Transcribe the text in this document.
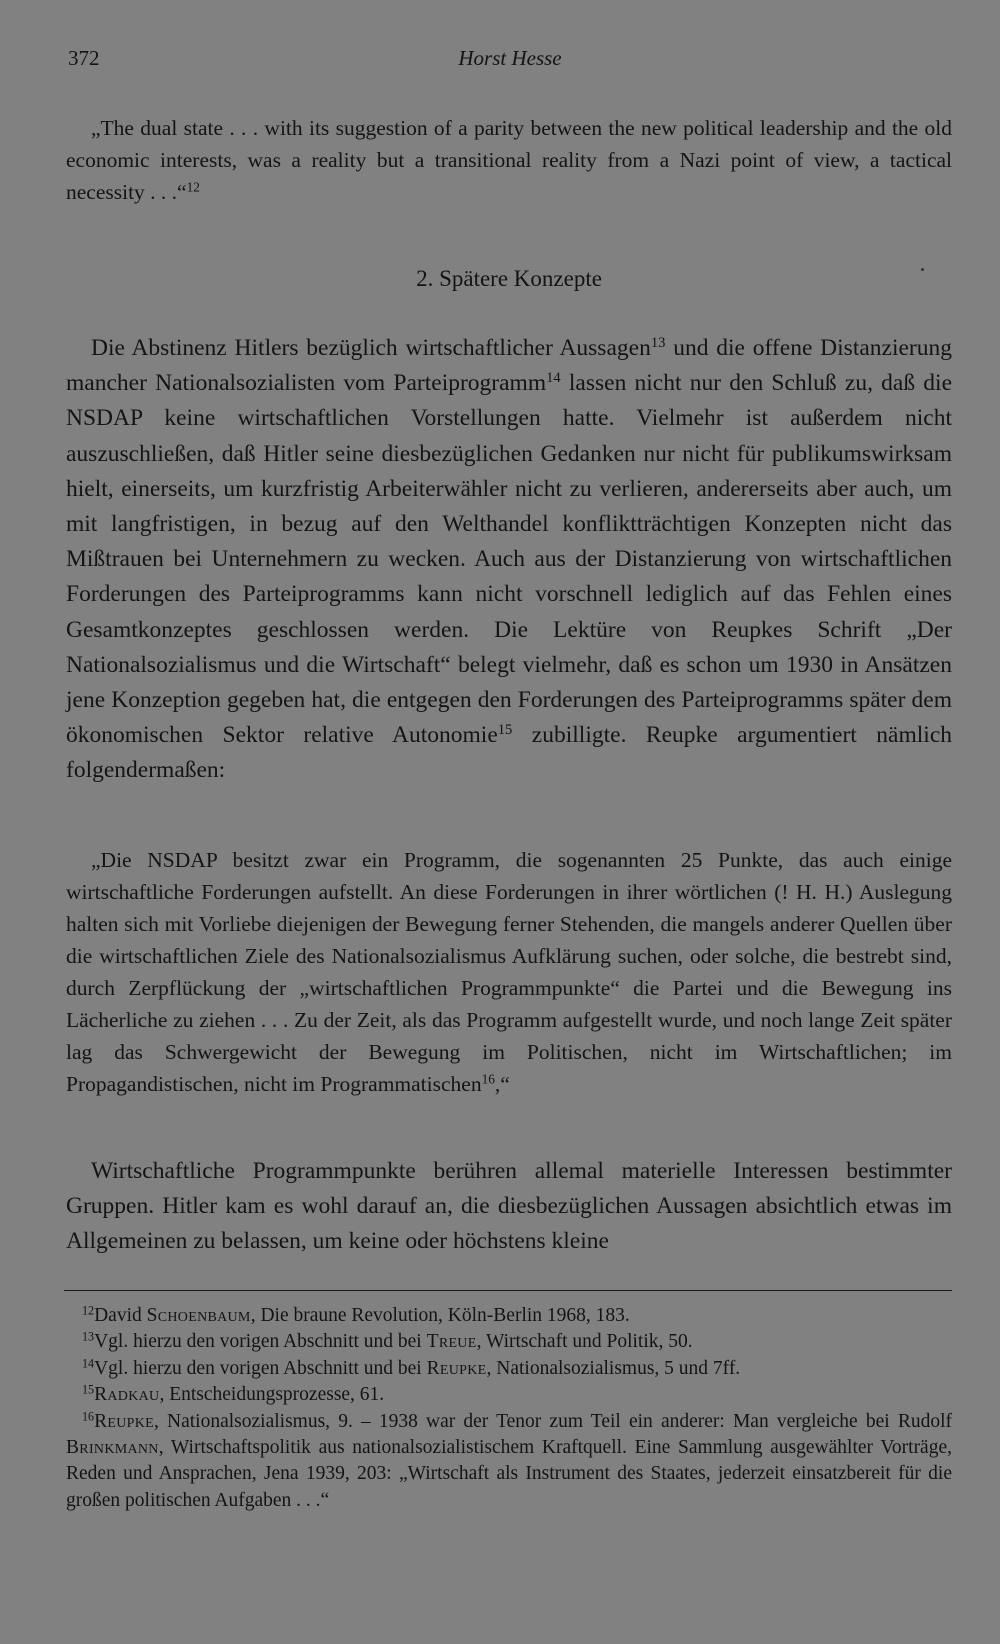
372	Horst Hesse
„The dual state . . . with its suggestion of a parity between the new political leadership and the old economic interests, was a reality but a transitional reality from a Nazi point of view, a tactical necessity . . .“$^{12}$
2. Spätere Konzepte
Die Abstinenz Hitlers bezüglich wirtschaftlicher Aussagen$^{13}$ und die offene Distanzierung mancher Nationalsozialisten vom Parteiprogramm$^{14}$ lassen nicht nur den Schluß zu, daß die NSDAP keine wirtschaftlichen Vorstellungen hatte. Vielmehr ist außerdem nicht auszuschließen, daß Hitler seine diesbezüglichen Gedanken nur nicht für publikumswirksam hielt, einerseits, um kurzfristig Arbeiterwähler nicht zu verlieren, andererseits aber auch, um mit langfristigen, in bezug auf den Welthandel konfliktträchtigen Konzepten nicht das Mißtrauen bei Unternehmern zu wecken. Auch aus der Distanzierung von wirtschaftlichen Forderungen des Parteiprogramms kann nicht vorschnell lediglich auf das Fehlen eines Gesamtkonzeptes geschlossen werden. Die Lektüre von Reupkes Schrift „Der Nationalsozialismus und die Wirtschaft“ belegt vielmehr, daß es schon um 1930 in Ansätzen jene Konzeption gegeben hat, die entgegen den Forderungen des Parteiprogramms später dem ökonomischen Sektor relative Autonomie$^{15}$ zubilligte. Reupke argumentiert nämlich folgendermaßen:
„Die NSDAP besitzt zwar ein Programm, die sogenannten 25 Punkte, das auch einige wirtschaftliche Forderungen aufstellt. An diese Forderungen in ihrer wörtlichen (! H. H.) Auslegung halten sich mit Vorliebe diejenigen der Bewegung ferner Stehenden, die mangels anderer Quellen über die wirtschaftlichen Ziele des Nationalsozialismus Aufklärung suchen, oder solche, die bestrebt sind, durch Zerpflückung der „wirtschaftlichen Programmpunkte“ die Partei und die Bewegung ins Lächerliche zu ziehen . . . Zu der Zeit, als das Programm aufgestellt wurde, und noch lange Zeit später lag das Schwergewicht der Bewegung im Politischen, nicht im Wirtschaftlichen; im Propagandistischen, nicht im Programmatischen$^{16}$,“
Wirtschaftliche Programmpunkte berühren allemal materielle Interessen bestimmter Gruppen. Hitler kam es wohl darauf an, die diesbezüglichen Aussagen absichtlich etwas im Allgemeinen zu belassen, um keine oder höchstens kleine
$^{12}$David Schoenbaum, Die braune Revolution, Köln-Berlin 1968, 183.
$^{13}$Vgl. hierzu den vorigen Abschnitt und bei Treue, Wirtschaft und Politik, 50.
$^{14}$Vgl. hierzu den vorigen Abschnitt und bei Reupke, Nationalsozialismus, 5 und 7ff.
$^{15}$Radkau, Entscheidungsprozesse, 61.
$^{16}$Reupke, Nationalsozialismus, 9. – 1938 war der Tenor zum Teil ein anderer: Man vergleiche bei Rudolf Brinkmann, Wirtschaftspolitik aus nationalsozialistischem Kraftquell. Eine Sammlung ausgewählter Vorträge, Reden und Ansprachen, Jena 1939, 203: „Wirtschaft als Instrument des Staates, jederzeit einsatzbereit für die großen politischen Aufgaben . . .“
